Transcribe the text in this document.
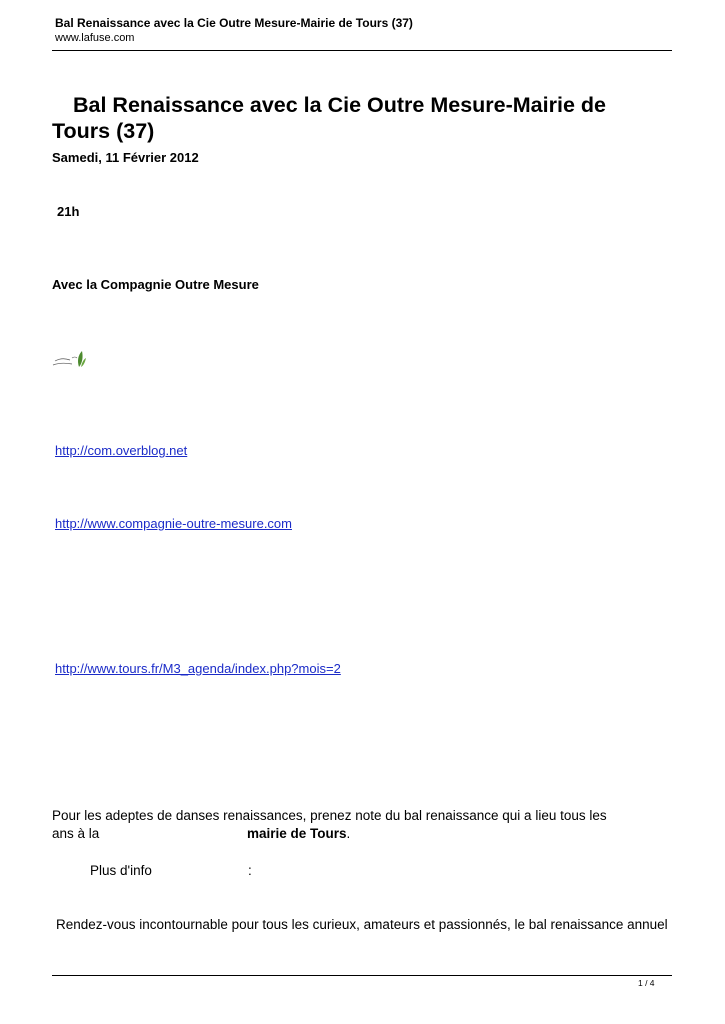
Bal Renaissance avec la Cie Outre Mesure-Mairie de Tours (37)
www.lafuse.com
Bal Renaissance avec la Cie Outre Mesure-Mairie de Tours (37)
Samedi, 11 Février 2012
21h
Avec la Compagnie Outre Mesure
http://com.overblog.net
http://www.compagnie-outre-mesure.com
http://www.tours.fr/M3_agenda/index.php?mois=2
Pour les adeptes de danses renaissances, prenez note du bal renaissance qui a lieu tous les
ans à la	mairie de Tours.
Plus d'info	:
Rendez-vous incontournable pour tous les curieux, amateurs et passionnés, le bal renaissance annuel
1 / 4
